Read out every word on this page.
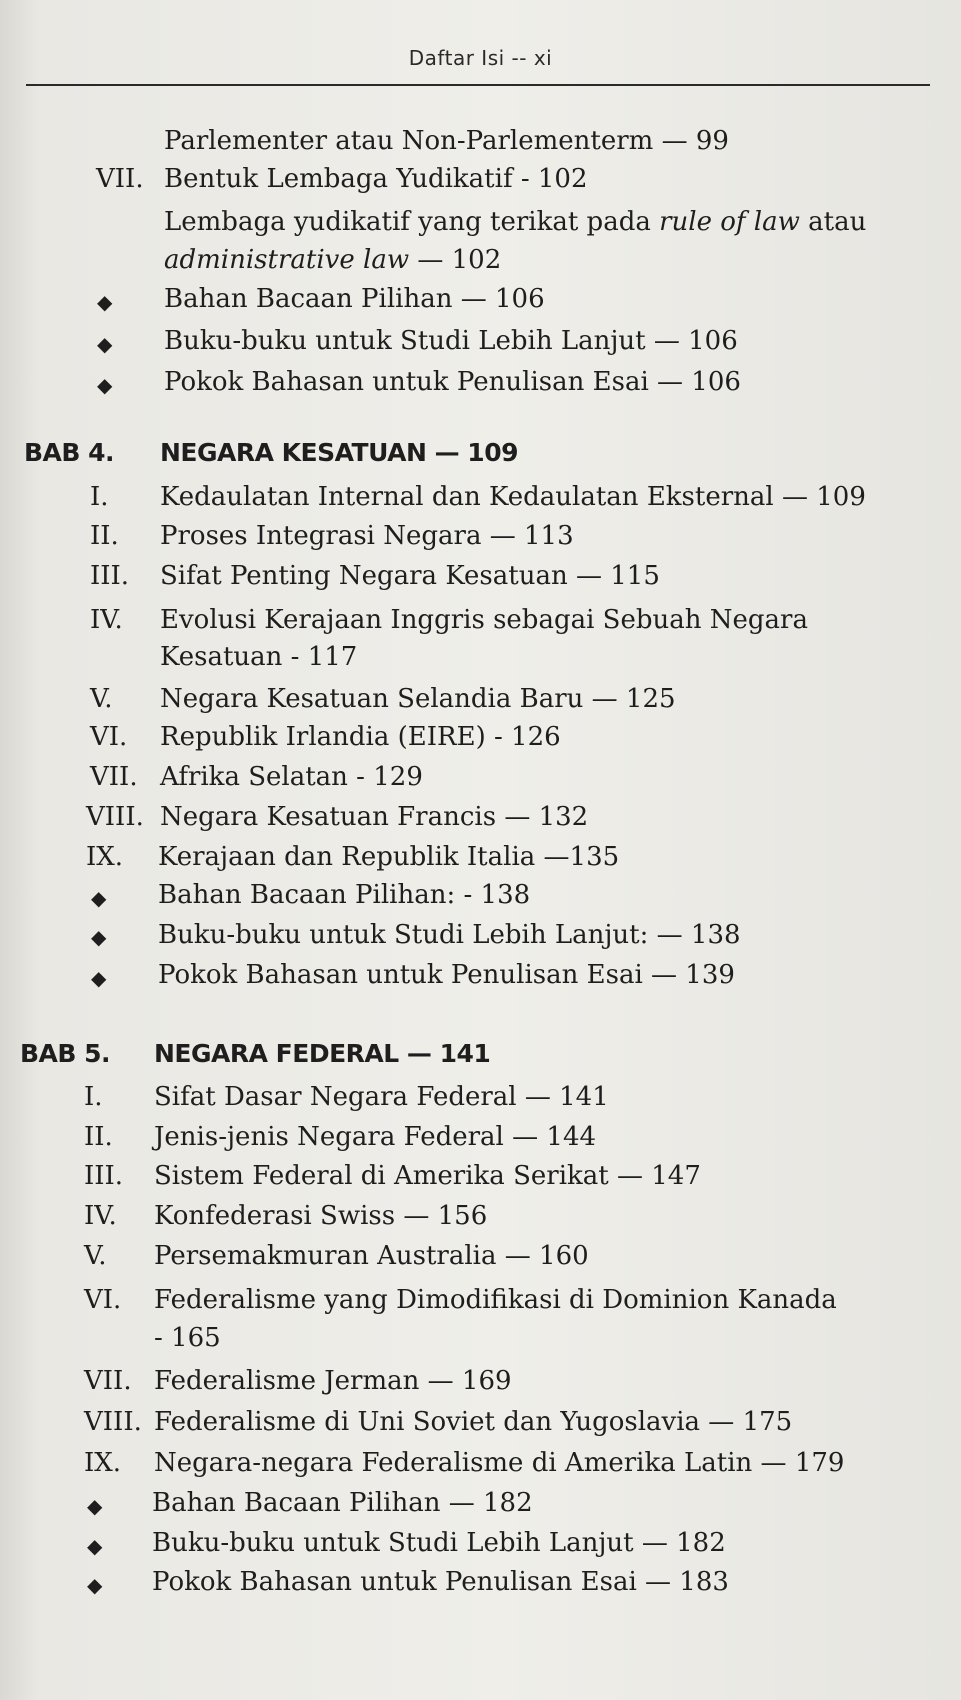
Daftar Isi -- xi
Parlementer atau Non-Parlementerm — 99
VII. Bentuk Lembaga Yudikatif - 102
Lembaga yudikatif yang terikat pada rule of law atau
administrative law — 102
◆ Bahan Bacaan Pilihan — 106
◆ Buku-buku untuk Studi Lebih Lanjut — 106
◆ Pokok Bahasan untuk Penulisan Esai — 106
BAB 4. NEGARA KESATUAN — 109
I. Kedaulatan Internal dan Kedaulatan Eksternal — 109
II. Proses Integrasi Negara — 113
III. Sifat Penting Negara Kesatuan — 115
IV. Evolusi Kerajaan Inggris sebagai Sebuah Negara
Kesatuan - 117
V. Negara Kesatuan Selandia Baru — 125
VI. Republik Irlandia (EIRE) - 126
VII. Afrika Selatan - 129
VIII. Negara Kesatuan Francis — 132
IX. Kerajaan dan Republik Italia —135
◆ Bahan Bacaan Pilihan: - 138
◆ Buku-buku untuk Studi Lebih Lanjut: — 138
◆ Pokok Bahasan untuk Penulisan Esai — 139
BAB 5. NEGARA FEDERAL — 141
I. Sifat Dasar Negara Federal — 141
II. Jenis-jenis Negara Federal — 144
III. Sistem Federal di Amerika Serikat — 147
IV. Konfederasi Swiss — 156
V. Persemakmuran Australia — 160
VI. Federalisme yang Dimodifikasi di Dominion Kanada
- 165
VII. Federalisme Jerman — 169
VIII. Federalisme di Uni Soviet dan Yugoslavia — 175
IX. Negara-negara Federalisme di Amerika Latin — 179
◆ Bahan Bacaan Pilihan — 182
◆ Buku-buku untuk Studi Lebih Lanjut — 182
◆ Pokok Bahasan untuk Penulisan Esai — 183
